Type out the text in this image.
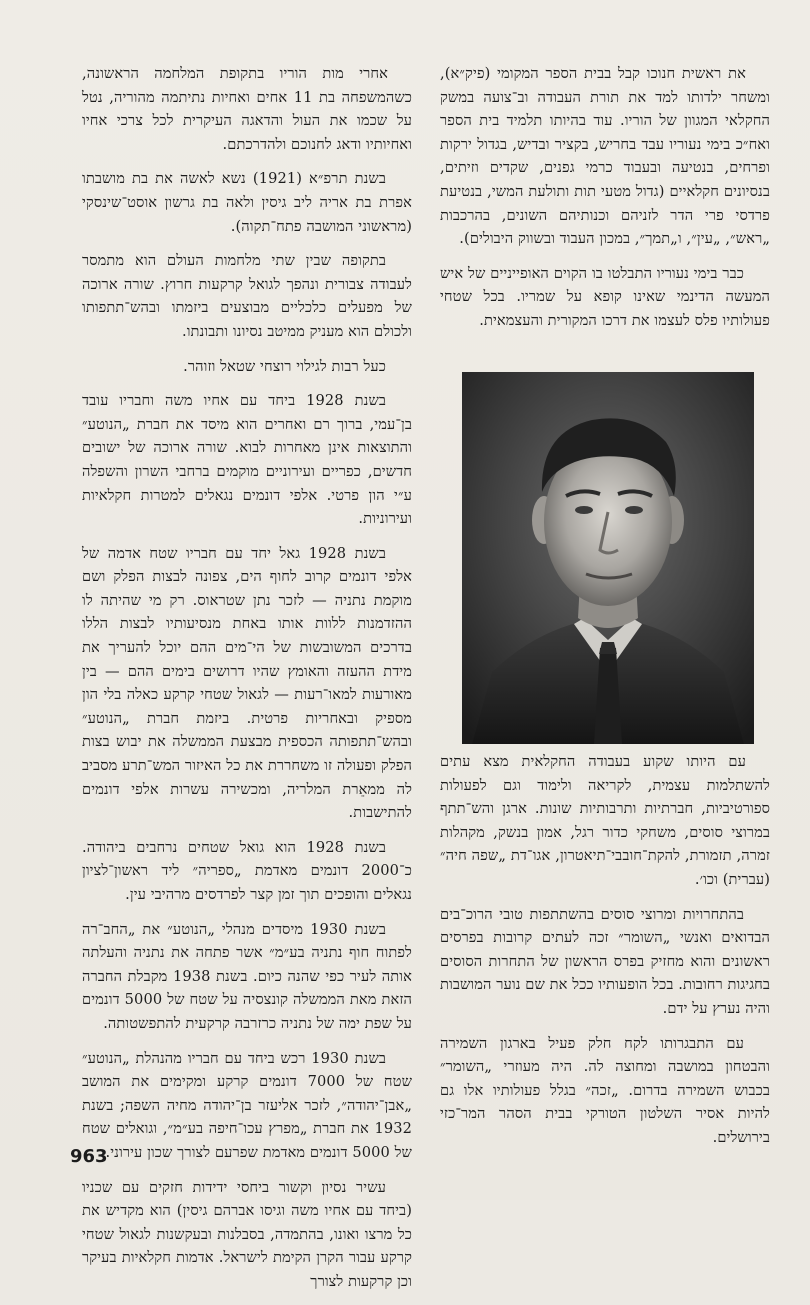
את ראשית חנוכו קבל בבית הספר המקומי (פיק״א), ומשחר ילדותו למד את תורת העבודה וב־צועה במשק החקלאי המגוון של הוריו. עוד בהיותו תלמיד בית הספר ואח״כ בימי נעוריו עבד בחריש, בקציר ובדיש, בגדול ירקות ופרחים, בנטיעה ובעבוד כרמי גפנים, שקדים וזיתים, בנסיונים חקלאיים (גדול מטעי תות ותולעת המשי, בנטיעת פרדסי פרי הדר לזניהם וכנותיהם השונים, בהרכבות „ראש״, „עין״, ו„תמך״, במכון העבוד ובשווק היבולים).

כבר בימי נעוריו התבלטו בו הקוים האופייניים של איש המעשה הדינמי שאינו קופא על שמריו. בכל שטחי פעולותיו פלס לעצמו את דרכו המקורית והעצמאית.

עם היותו שקוע בעבודה החקלאית מצא עתים להשתלמות עצמית, לקריאה ולימוד וגם לפעולות ספורטיביות, חברתיות ותרבותיות שונות. ארגן והש־תתף במרוצי סוסים, משחקי כדור רגל, אמון בנשק, מקהלות זמרה, תזמורת, להקת־חובבי־תיאטרון, אגו־דת „שפה חיה״ (עברית) וכו׳.

בהתחרויות ומרוצי סוסים בהשתתפות טובי הרוכ־בים הבדואים ואנשי „השומר״ זכה לעתים קרובות בפרסים ראשונים והוא מחזיק בפרס הראשון של התחרות הסוסים בחגיגות רחובות. בכל הופעותיו ככל את שם נוער המושבות והיה נערץ על ידם.

עם התבגרותו לקח חלק פעיל בארגון השמירה והבטחון במושבה ומחוצה לה. היה מעוזרי „השומר״ בכבוש השמירה בדרום. „זכה״ בגלל פעולותיו אלו גם להיות אסיר השלטון הטורקי בבית הסהר המר־כזי בירושלים.

אחרי מות הוריו בתקופת המלחמה הראשונה, כשהמשפחה בת 11 אחים ואחיות נתיתמה מהוריה, נטל על שכמו את העול והדאגה העיקרית לכל צרכי אחיו ואחיותיו ודאג לחנוכם ולהדרכתם.

בשנת תרפ״א (1921) נשא לאשה את בת מושבתו אפרת בת אריה ליב גיסין ולאה בת גרשון אוסט־שינסקי (מראשוני המושבה פתח־תקוה).

בתקופה שבין שתי מלחמות העולם הוא מתמסר לעבודה צבורית ונהפך לגואל קרקעות חרוץ. שורה ארוכה של מפעלים כלכליים מבוצעים ביזמתו ובהש־תתפותו ולכולם הוא מעניק ממיטב נסיונו ותבונתו.

כעל רבות לגילוי רוצחי שטאל וזוהר.

בשנת 1928 ביחד עם אחיו משה וחבריו עובד בן־עמי, ברוך רם ואחרים הוא מיסד את חברת „הנוטע״ והתוצאות אינן מאחרות לבוא. שורה ארוכה של ישובים חדשים, כפריים ועירוניים מוקמים ברחבי השרון והשפלה ע״י הון פרטי. אלפי דונמים נגאלים למטרות חקלאיות ועירוניות.

בשנת 1928 גאל יחד עם חבריו שטח אדמה של אלפי דונמים קרוב לחוף הים, צפונה לבצות הפלק ושם מוקמת נתניה — לזכר נתן שטראוס. רק מי שהיתה לו ההזדמנות ללוות אותו באחת מנסיעותיו לבצות הללו בדרכים המשובשות של הי־מים ההם יוכל להעריך את מידת ההעזה והאומץ שהיו דרושים בימים ההם — בין מאורעות למאו־רעות — לגאול שטחי קרקע כאלה בלי הון מספיק ובאחריות פרטית. ביזמת חברת „הנוטע״ ובהש־תתפותה הכספית מבצעת הממשלה את יבוש בצות הפלק ופעולה זו משחררת את כל האיזור המש־תרע מסביב לה ממאֵרת המלריה, ומכשירה עשרות אלפי דונמים להתישבות.

בשנת 1928 הוא גואל שטחים נרחבים ביהודה. כ־2000 דונמים מאדמת „ספריה״ ליד ראשון־לציון נגאלים והופכים תוך זמן קצר לפרדסים מרהיבי עין.

בשנת 1930 מיסדים מנהלי „הנוטע״ את „החב־רה לפתוח חוף נתניה בע״מ״ אשר פתחה את נתניה והעלתה אותה לעיר כפי שהנה כיום. בשנת 1938 מקבלת החברה הזאת מאת הממשלה קונצסיה על שטח של 5000 דונמים על שפת ימה של נתניה כרזרבה קרקעית להתפשטותה.

בשנת 1930 רכש ביחד עם חבריו מהנהלת „הנוטע״ שטח של 7000 דונמים קרקע ומקימים את המושב „אבן־יהודה״, לזכר אליעזר בן־יהודה מחיה השפה; בשנת 1932 את חברת „מפרץ עכו־חיפה בע״מ״, וגואלים שטח של 5000 דונמים מאדמת שפרעם לצורך שכון עירוני.

עשיר נסיון וקשור ביחסי ידידות חזקים עם שכניו (ביחד עם אחיו משה וגיסו אברהם גיסין) הוא מקדיש את כל מרצו ואונו, בהתמדה, בסבלנות ובעקשנות לגאול שטחי קרקע עבור הקרן הקימת לישראל. אדמות חקלאיות בעיקר וכן קרקעות לצורך

963
